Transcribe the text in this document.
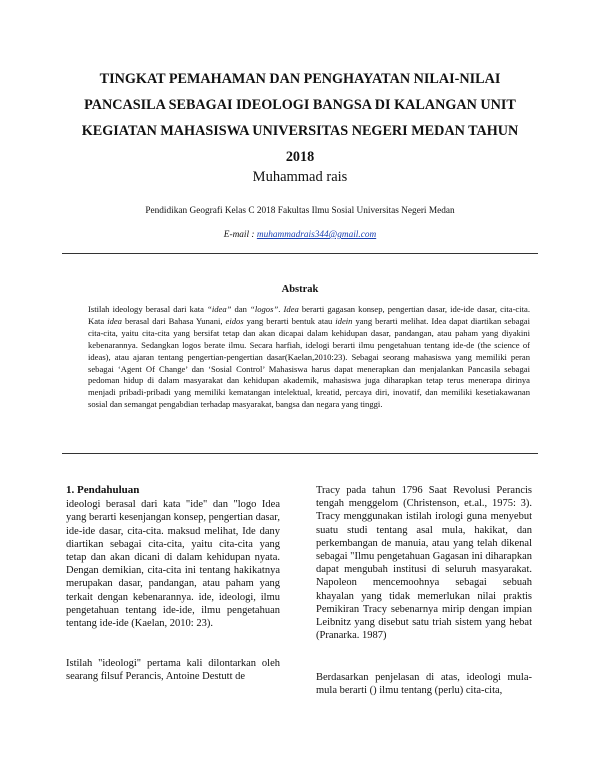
TINGKAT PEMAHAMAN DAN PENGHAYATAN NILAI-NILAI
PANCASILA SEBAGAI IDEOLOGI BANGSA DI KALANGAN UNIT
KEGIATAN MAHASISWA UNIVERSITAS NEGERI MEDAN TAHUN
2018
Muhammad rais
Pendidikan Geografi Kelas C 2018 Fakultas Ilmu Sosial Universitas Negeri Medan
E-mail : muhammadrais344@gmail.com
Abstrak
Istilah ideology berasal dari kata “idea” dan “logos”. Idea berarti gagasan konsep, pengertian dasar, ide-ide dasar, cita-cita. Kata idea berasal dari Bahasa Yunani, eidos yang berarti bentuk atau idein yang berarti melihat. Idea dapat diartikan sebagai cita-cita, yaitu cita-cita yang bersifat tetap dan akan dicapai dalam kehidupan dasar, pandangan, atau paham yang diyakini kebenarannya. Sedangkan logos berate ilmu. Secara harfiah, idelogi berarti ilmu pengetahuan tentang ide-de (the science of ideas), atau ajaran tentang pengertian-pengertian dasar(Kaelan,2010:23). Sebagai seorang mahasiswa yang memiliki peran sebagai ‘Agent Of Change’ dan ‘Sosial Control’ Mahasiswa harus dapat menerapkan dan menjalankan Pancasila sebagai pedoman hidup di dalam masyarakat dan kehidupan akademik, mahasiswa juga diharapkan tetap terus menerapa dirinya menjadi pribadi-pribadi yang memiliki kematangan intelektual, kreatid, percaya diri, inovatif, dan memiliki kesetiakawanan sosial dan semangat pengabdian terhadap masyarakat, bangsa dan negara yang tinggi.
1. Pendahuluan

ideologi berasal dari kata "ide" dan "logo Idea yang berarti kesenjangan konsep, pengertian dasar, ide-ide dasar, cita-cita. maksud melihat, Ide dany diartikan sebagai cita-cita, yaitu cita-cita yang tetap dan akan dicani di dalam kehidupan nyata. Dengan demikian, cita-cita ini tentang hakikatnya merupakan dasar, pandangan, atau paham yang terkait dengan kebenarannya. ide, ideologi, ilmu pengetahuan tentang ide-ide, ilmu pengetahuan tentang ide-ide (Kaelan, 2010: 23).

Istilah "ideologi" pertama kali dilontarkan oleh searang filsuf Perancis, Antoine Destutt de

Tracy pada tahun 1796 Saat Revolusi Perancis tengah menggelom (Christenson, et.al., 1975: 3). Tracy menggunakan istilah irologi guna menyebut suatu studi tentang asal mula, hakikat, dan perkembangan de manuia, atau yang telah dikenal sebagai "Ilmu pengetahuan Gagasan ini diharapkan dapat mengubah institusi di seluruh masyarakat. Napoleon mencemoohnya sebagai sebuah khayalan yang tidak memerlukan nilai praktis Pemikiran Tracy sebenarnya mirip dengan impian Leibnitz yang disebut satu triah sistem yang hebat (Pranarka. 1987)

Berdasarkan penjelasan di atas, ideologi mula-mula berarti () ilmu tentang (perlu) cita-cita,
